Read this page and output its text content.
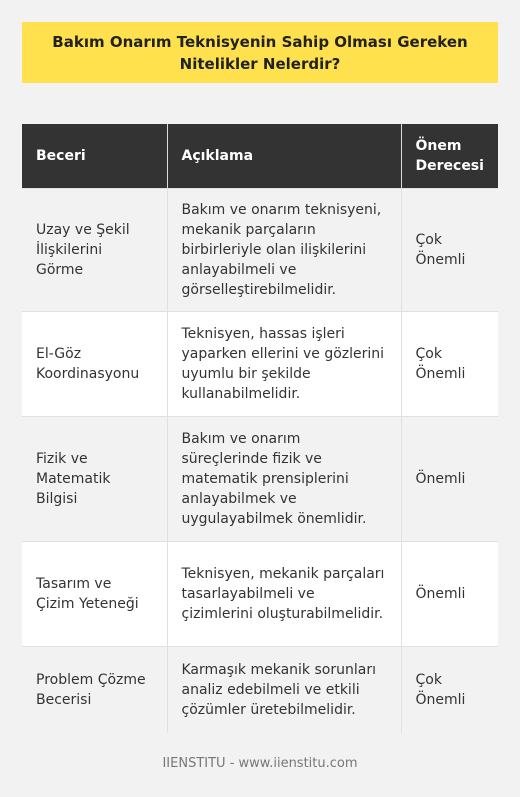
Bakım Onarım Teknisyenin Sahip Olması Gereken Nitelikler Nelerdir?
Beceri	Açıklama	Önem Derecesi
Uzay ve Şekil İlişkilerini Görme	Bakım ve onarım teknisyeni, mekanik parçaların birbirleriyle olan ilişkilerini anlayabilmeli ve görselleştirebilmelidir.	Çok Önemli
El-Göz Koordinasyonu	Teknisyen, hassas işleri yaparken ellerini ve gözlerini uyumlu bir şekilde kullanabilmelidir.	Çok Önemli
Fizik ve Matematik Bilgisi	Bakım ve onarım süreçlerinde fizik ve matematik prensiplerini anlayabilmek ve uygulayabilmek önemlidir.	Önemli
Tasarım ve Çizim Yeteneği	Teknisyen, mekanik parçaları tasarlayabilmeli ve çizimlerini oluşturabilmelidir.	Önemli
Problem Çözme Becerisi	Karmaşık mekanik sorunları analiz edebilmeli ve etkili çözümler üretebilmelidir.	Çok Önemli
IIENSTITU - www.iienstitu.com
